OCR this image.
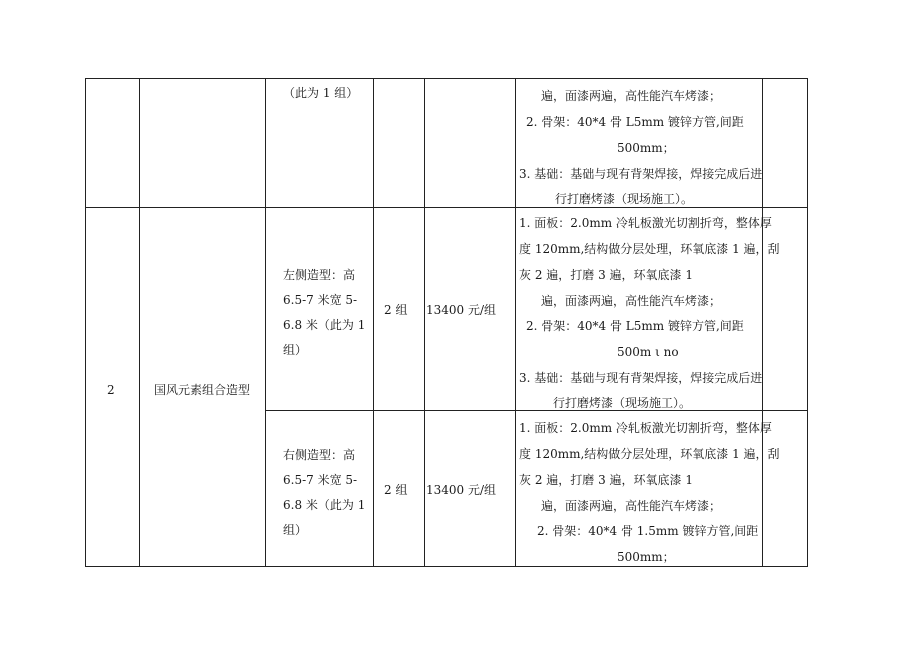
（此为 1 组）	遍，面漆两遍，高性能汽车烤漆；
2. 骨架：40*4 骨 L5mm 镀锌方管,间距
500mm；
3. 基础：基础与现有背架焊接，焊接完成后进
行打磨烤漆（现场施工）。
2	国风元素组合造型
左侧造型：高
6.5-7 米宽 5-
6.8 米（此为 1
组）
2 组 13400 元/组
1. 面板：2.0mm 冷轧板激光切割折弯，整体厚
度 120mm,结构做分层处理，环氧底漆 1 遍，刮
灰 2 遍，打磨 3 遍，环氧底漆 1
遍，面漆两遍，高性能汽车烤漆；
2. 骨架：40*4 骨 L5mm 镀锌方管,间距
500m ι no
3. 基础：基础与现有背架焊接，焊接完成后进
行打磨烤漆（现场施工）。
右侧造型：高
6.5-7 米宽 5-
6.8 米（此为 1
组）
2 组 13400 元/组
1. 面板：2.0mm 冷轧板激光切割折弯，整体厚
度 120mm,结构做分层处理，环氧底漆 1 遍，刮
灰 2 遍，打磨 3 遍，环氧底漆 1
遍，面漆两遍，高性能汽车烤漆；
2. 骨架：40*4 骨 1.5mm 镀锌方管,间距
500mm；
